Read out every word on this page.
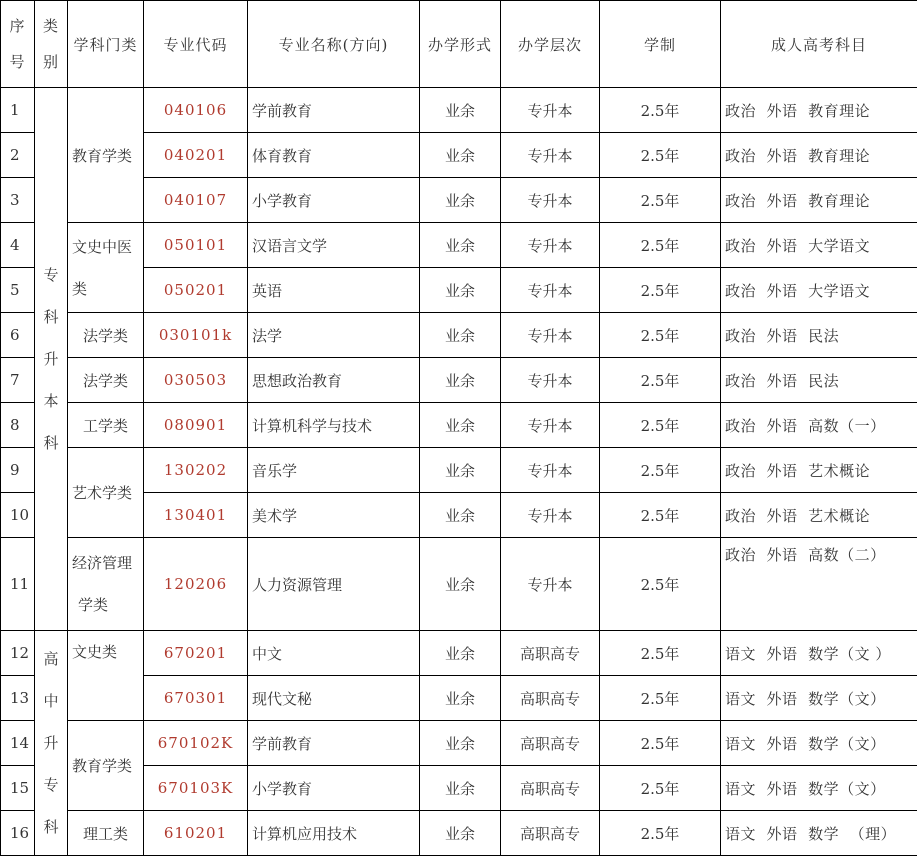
序
号	类
别	学科门类	专业代码	专业名称(方向)	办学形式	办学层次	学制	成人高考科目
1	专
科
升
本
科	教育学类	040106	学前教育	业余	专升本	2.5年	政治  外语  教育理论
2			040201	体育教育	业余	专升本	2.5年	政治  外语  教育理论
3			040107	小学教育	业余	专升本	2.5年	政治  外语  教育理论
4		文史中医
类	050101	汉语言文学	业余	专升本	2.5年	政治  外语  大学语文
5			050201	英语	业余	专升本	2.5年	政治  外语  大学语文
6		法学类	030101k	法学	业余	专升本	2.5年	政治  外语  民法
7		法学类	030503	思想政治教育	业余	专升本	2.5年	政治  外语  民法
8		工学类	080901	计算机科学与技术	业余	专升本	2.5年	政治  外语  高数（一）
9		艺术学类	130202	音乐学	业余	专升本	2.5年	政治  外语  艺术概论
10			130401	美术学	业余	专升本	2.5年	政治  外语  艺术概论
11		经济管理
学类	120206	人力资源管理	业余	专升本	2.5年	政治  外语  高数（二）
12	高
中
升
专
科	文史类	670201	中文	业余	高职高专	2.5年	语文  外语  数学（文 ）
13			670301	现代文秘	业余	高职高专	2.5年	语文  外语  数学（文）
14		教育学类	670102K	学前教育	业余	高职高专	2.5年	语文  外语  数学（文）
15			670103K	小学教育	业余	高职高专	2.5年	语文  外语  数学（文）
16		理工类	610201	计算机应用技术	业余	高职高专	2.5年	语文  外语  数学  （理）
